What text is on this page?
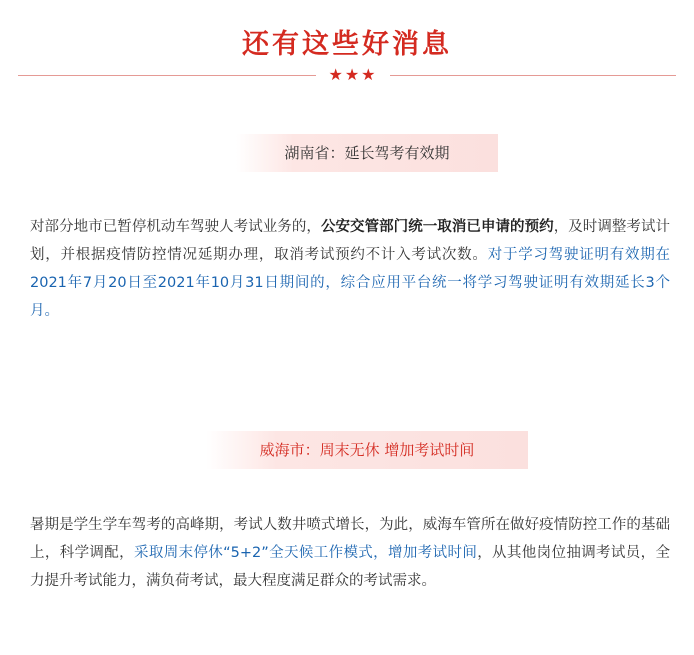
还有这些好消息
★★★
湖南省：延长驾考有效期
对部分地市已暂停机动车驾驶人考试业务的，公安交管部门统一取消已申请的预约，及时调整考试计划，并根据疫情防控情况延期办理，取消考试预约不计入考试次数。对于学习驾驶证明有效期在2021年7月20日至2021年10月31日期间的，综合应用平台统一将学习驾驶证明有效期延长3个月。
威海市：周末无休 增加考试时间
暑期是学生学车驾考的高峰期，考试人数井喷式增长，为此，威海车管所在做好疫情防控工作的基础上，科学调配，采取周末停休“5+2”全天候工作模式，增加考试时间，从其他岗位抽调考试员，全力提升考试能力，满负荷考试，最大程度满足群众的考试需求。
